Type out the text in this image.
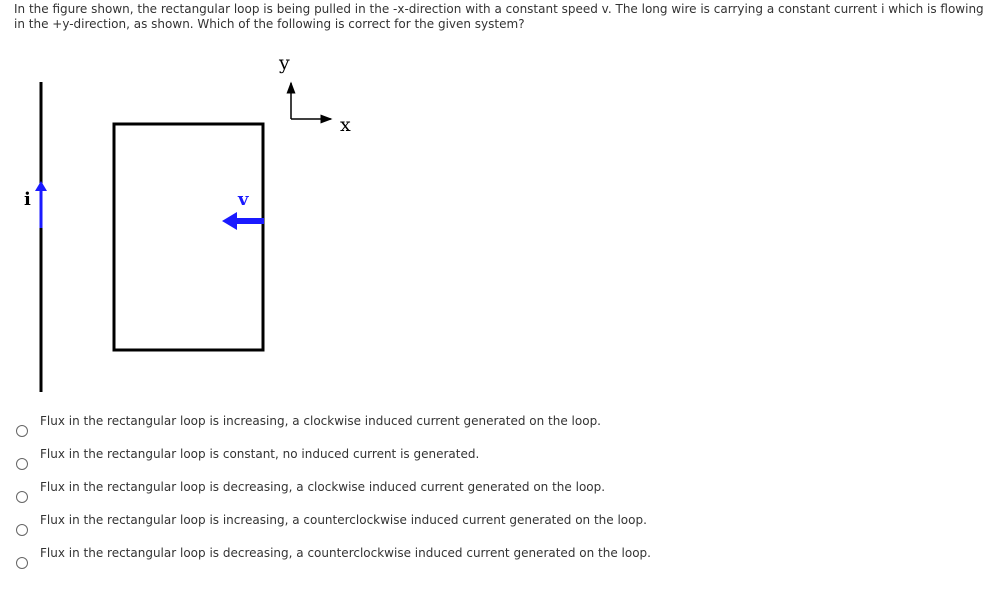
In the figure shown, the rectangular loop is being pulled in the -x-direction with a constant speed v. The long wire is carrying a constant current i which is flowing in the +y-direction, as shown. Which of the following is correct for the given system?
y
x
i	v
Flux in the rectangular loop is increasing, a clockwise induced current generated on the loop.
Flux in the rectangular loop is constant, no induced current is generated.
Flux in the rectangular loop is decreasing, a clockwise induced current generated on the loop.
Flux in the rectangular loop is increasing, a counterclockwise induced current generated on the loop.
Flux in the rectangular loop is decreasing, a counterclockwise induced current generated on the loop.
